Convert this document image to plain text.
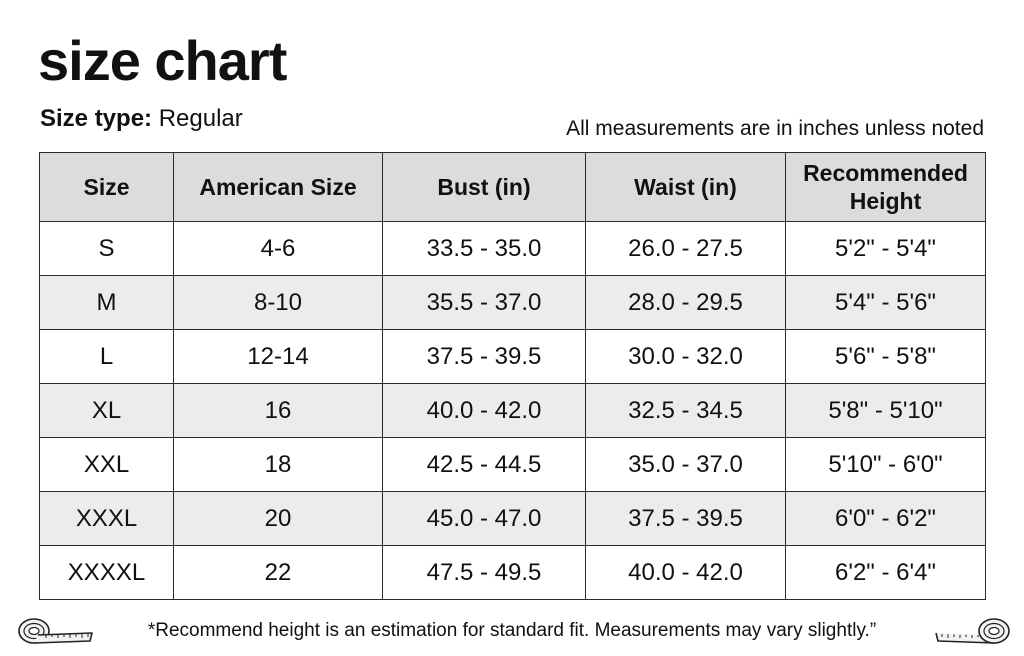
size chart
Size type: Regular	All measurements are in inches unless noted
Size	American Size	Bust (in)	Waist (in)	Recommended Height
S	4-6	33.5 - 35.0	26.0 - 27.5	5'2" - 5'4"
M	8-10	35.5 - 37.0	28.0 - 29.5	5'4" - 5'6"
L	12-14	37.5 - 39.5	30.0 - 32.0	5'6" - 5'8"
XL	16	40.0 - 42.0	32.5 - 34.5	5'8" - 5'10"
XXL	18	42.5 - 44.5	35.0 - 37.0	5'10" - 6'0"
XXXL	20	45.0 - 47.0	37.5 - 39.5	6'0" - 6'2"
XXXXL	22	47.5 - 49.5	40.0 - 42.0	6'2" - 6'4"
*Recommend height is an estimation for standard fit. Measurements may vary slightly.”
